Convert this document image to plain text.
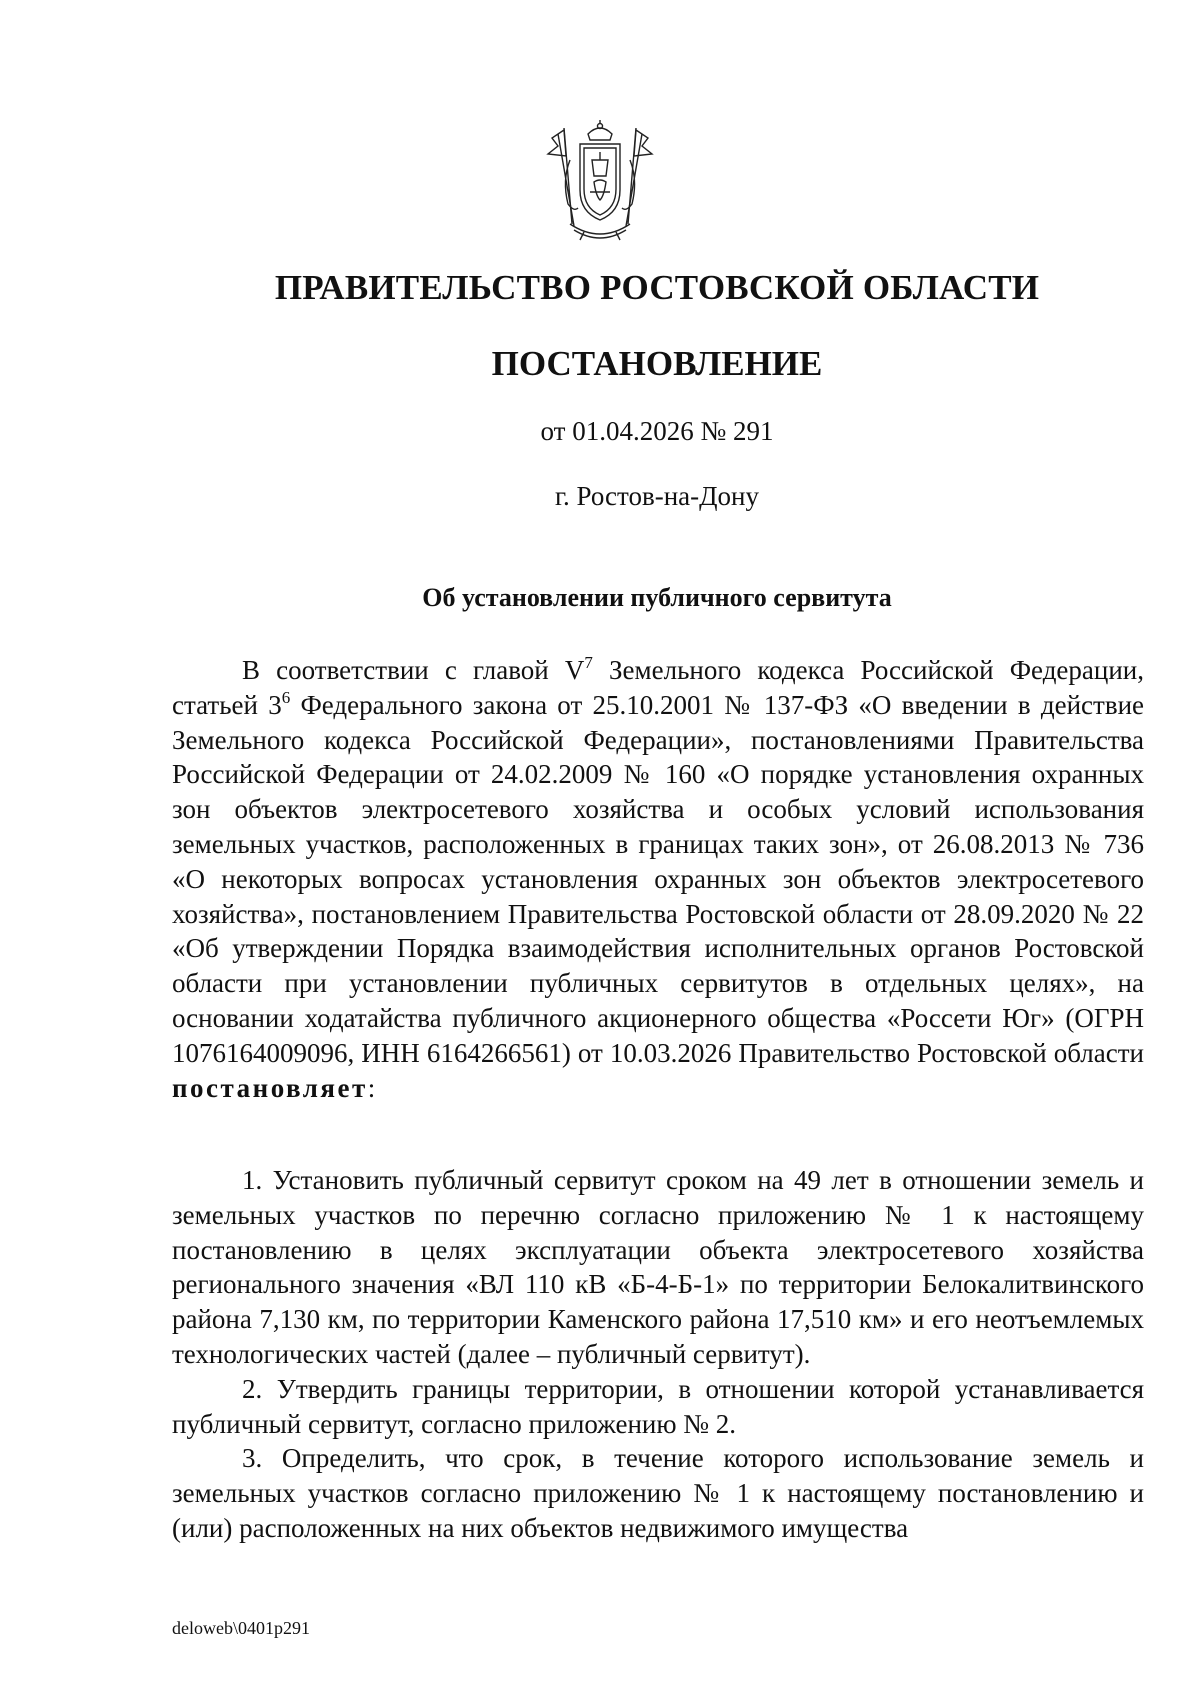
ПРАВИТЕЛЬСТВО РОСТОВСКОЙ ОБЛАСТИ
ПОСТАНОВЛЕНИЕ
от 01.04.2026 № 291
г. Ростов-на-Дону
Об установлении публичного сервитута

В соответствии с главой $V^7$ Земельного кодекса Российской Федерации, статьей $3^6$ Федерального закона от 25.10.2001 № 137-ФЗ «О введении в действие Земельного кодекса Российской Федерации», постановлениями Правительства Российской Федерации от 24.02.2009 № 160 «О порядке установления охранных зон объектов электросетевого хозяйства и особых условий использования земельных участков, расположенных в границах таких зон», от 26.08.2013 № 736 «О некоторых вопросах установления охранных зон объектов электросетевого хозяйства», постановлением Правительства Ростовской области от 28.09.2020 № 22 «Об утверждении Порядка взаимодействия исполнительных органов Ростовской области при установлении публичных сервитутов в отдельных целях», на основании ходатайства публичного акционерного общества «Россети Юг» (ОГРН 1076164009096, ИНН 6164266561) от 10.03.2026 Правительство Ростовской области постановляет:

1. Установить публичный сервитут сроком на 49 лет в отношении земель и земельных участков по перечню согласно приложению № 1 к настоящему постановлению в целях эксплуатации объекта электросетевого хозяйства регионального значения «ВЛ 110 кВ «Б-4-Б-1» по территории Белокалитвинского района 7,130 км, по территории Каменского района 17,510 км» и его неотъемлемых технологических частей (далее – публичный сервитут).

2. Утвердить границы территории, в отношении которой устанавливается публичный сервитут, согласно приложению № 2.

3. Определить, что срок, в течение которого использование земель и земельных участков согласно приложению № 1 к настоящему постановлению и (или) расположенных на них объектов недвижимого имущества

deloweb\0401p291
